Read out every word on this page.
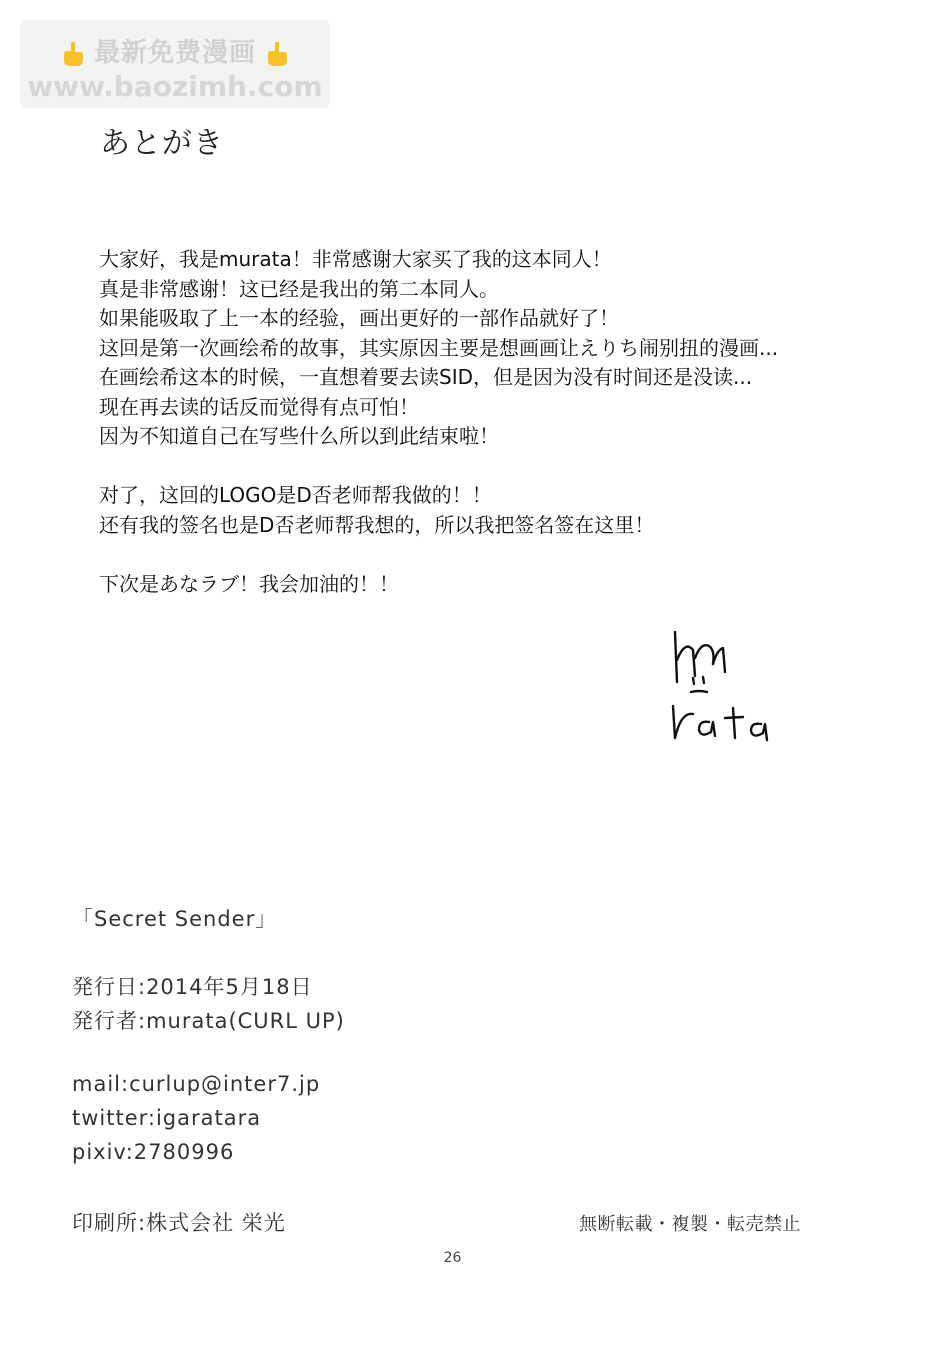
最新免费漫画
www.baozimh.com
あとがき
大家好，我是murata！非常感谢大家买了我的这本同人！
真是非常感谢！这已经是我出的第二本同人。
如果能吸取了上一本的经验，画出更好的一部作品就好了！
这回是第一次画绘希的故事，其实原因主要是想画画让えりち闹别扭的漫画...
在画绘希这本的时候，一直想着要去读SID，但是因为没有时间还是没读...
现在再去读的话反而觉得有点可怕！
因为不知道自己在写些什么所以到此结束啦！
对了，这回的LOGO是D否老师帮我做的！！
还有我的签名也是D否老师帮我想的，所以我把签名签在这里！
下次是あなラブ！我会加油的！！
「Secret Sender」
発行日:2014年5月18日
発行者:murata(CURL UP)
mail:curlup@inter7.jp
twitter:igaratara
pixiv:2780996
印刷所:株式会社 栄光	無断転載・複製・転売禁止
26
